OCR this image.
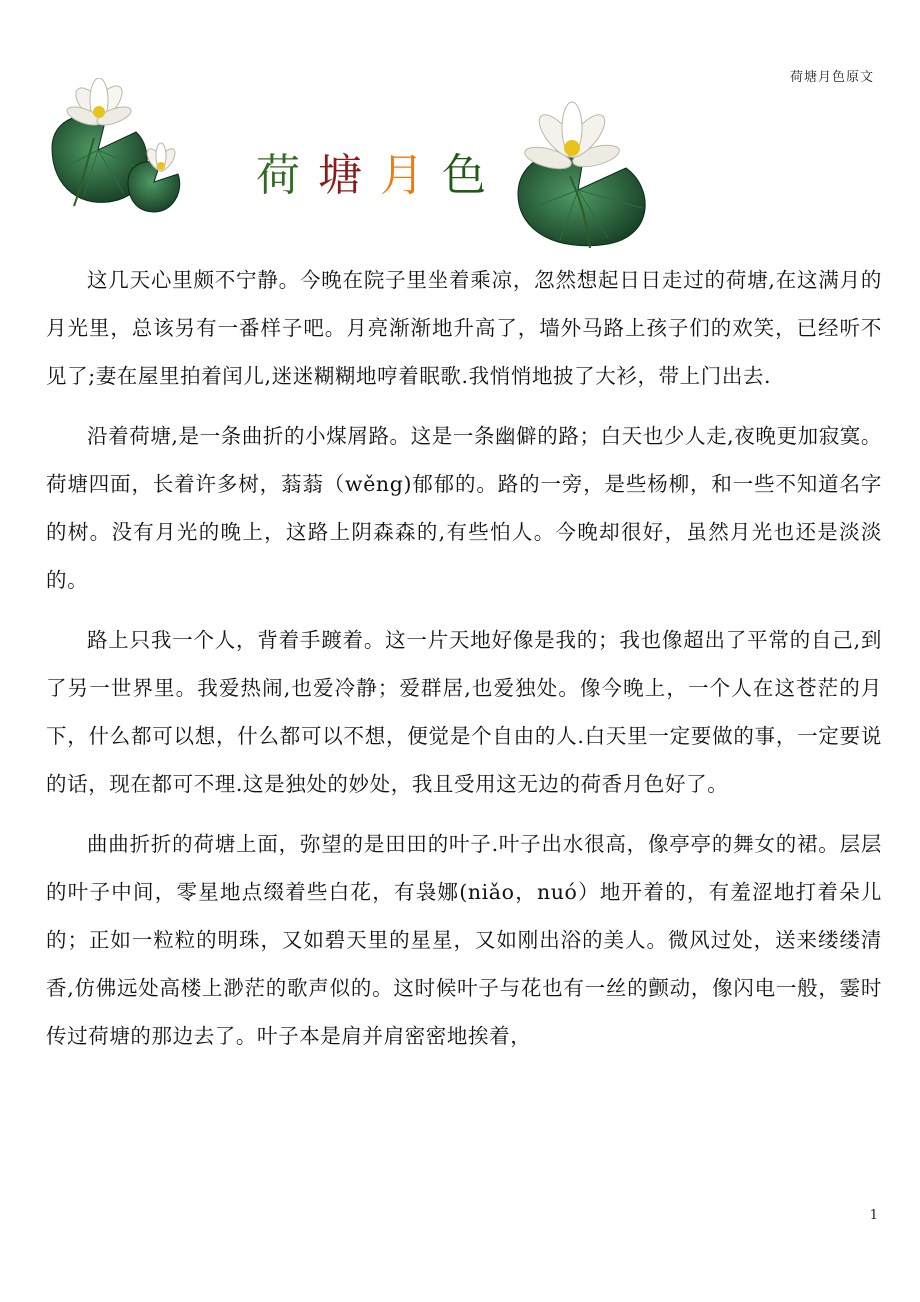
荷塘月色原文
荷 塘 月 色

这几天心里颇不宁静。今晚在院子里坐着乘凉，忽然想起日日走过的荷塘,在这满月的月光里，总该另有一番样子吧。月亮渐渐地升高了，墙外马路上孩子们的欢笑，已经听不见了;妻在屋里拍着闰儿,迷迷糊糊地哼着眠歌.我悄悄地披了大衫，带上门出去.

沿着荷塘,是一条曲折的小煤屑路。这是一条幽僻的路；白天也少人走,夜晚更加寂寞。荷塘四面，长着许多树，蓊蓊（wěng)郁郁的。路的一旁，是些杨柳，和一些不知道名字的树。没有月光的晚上，这路上阴森森的,有些怕人。今晚却很好，虽然月光也还是淡淡的。

路上只我一个人，背着手踱着。这一片天地好像是我的；我也像超出了平常的自己,到了另一世界里。我爱热闹,也爱冷静；爱群居,也爱独处。像今晚上，一个人在这苍茫的月下，什么都可以想，什么都可以不想，便觉是个自由的人.白天里一定要做的事，一定要说的话，现在都可不理.这是独处的妙处，我且受用这无边的荷香月色好了。

曲曲折折的荷塘上面，弥望的是田田的叶子.叶子出水很高，像亭亭的舞女的裙。层层的叶子中间，零星地点缀着些白花，有袅娜(niǎo，nuó）地开着的，有羞涩地打着朵儿的；正如一粒粒的明珠，又如碧天里的星星，又如刚出浴的美人。微风过处，送来缕缕清香,仿佛远处高楼上渺茫的歌声似的。这时候叶子与花也有一丝的颤动，像闪电一般，霎时传过荷塘的那边去了。叶子本是肩并肩密密地挨着，

1
